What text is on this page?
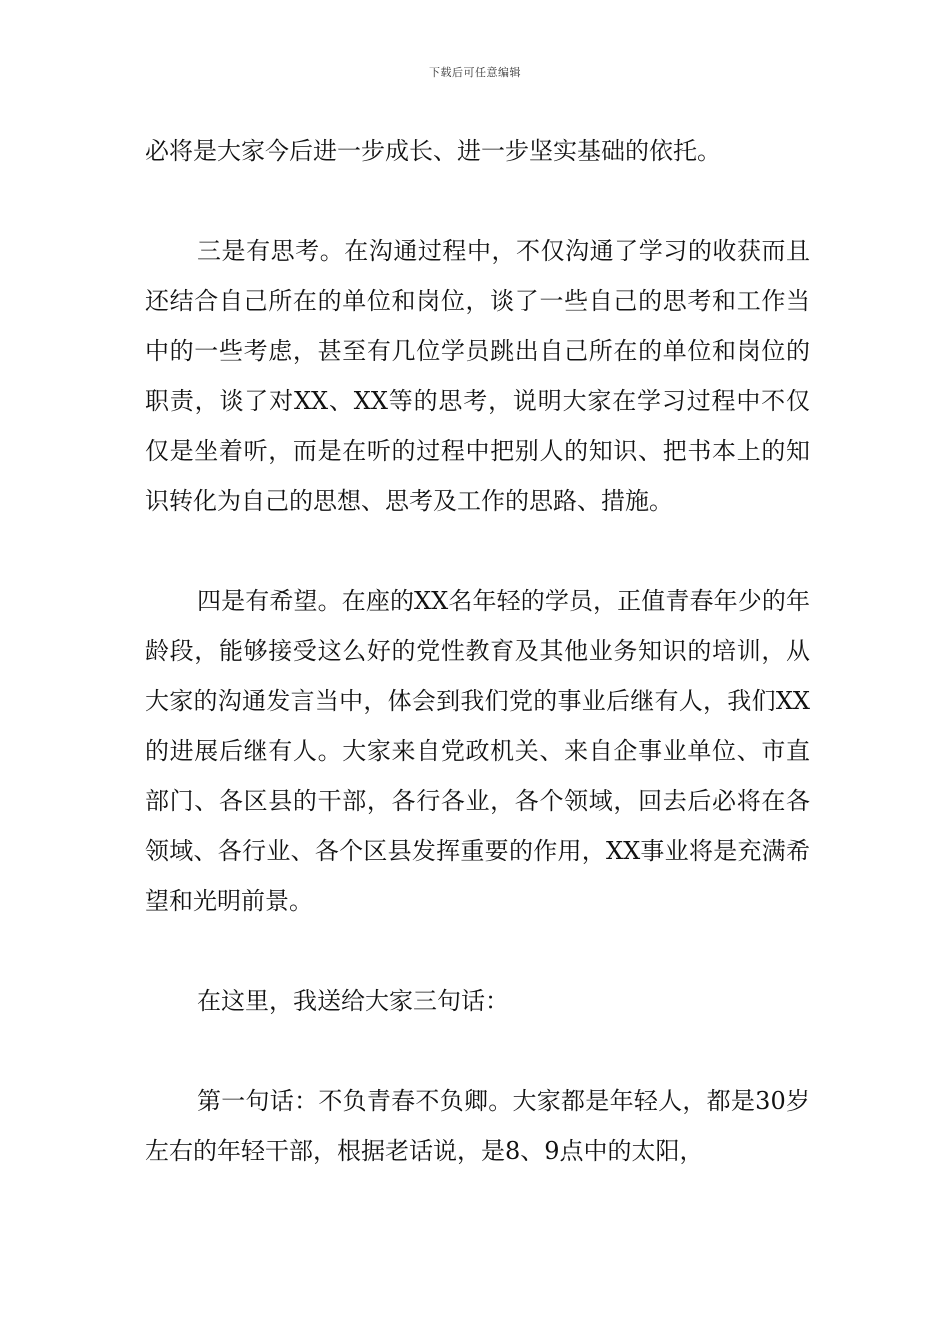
下载后可任意编辑

必将是大家今后进一步成长、进一步坚实基础的依托。

三是有思考。在沟通过程中，不仅沟通了学习的收获而且还结合自己所在的单位和岗位，谈了一些自己的思考和工作当中的一些考虑，甚至有几位学员跳出自己所在的单位和岗位的职责，谈了对XX、XX等的思考，说明大家在学习过程中不仅仅是坐着听，而是在听的过程中把别人的知识、把书本上的知识转化为自己的思想、思考及工作的思路、措施。

四是有希望。在座的XX名年轻的学员，正值青春年少的年龄段，能够接受这么好的党性教育及其他业务知识的培训，从大家的沟通发言当中，体会到我们党的事业后继有人，我们XX的进展后继有人。大家来自党政机关、来自企事业单位、市直部门、各区县的干部，各行各业，各个领域，回去后必将在各领域、各行业、各个区县发挥重要的作用，XX事业将是充满希望和光明前景。

在这里，我送给大家三句话：

第一句话：不负青春不负卿。大家都是年轻人，都是30岁左右的年轻干部，根据老话说，是8、9点中的太阳，
